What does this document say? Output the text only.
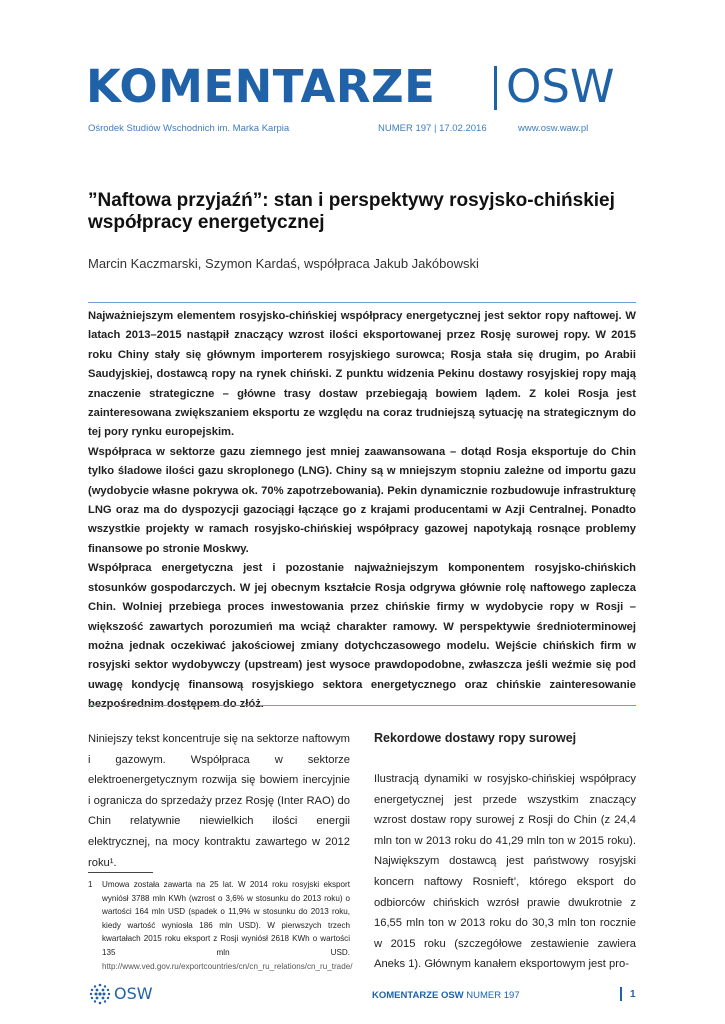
KOMENTARZE OSW
Ośrodek Studiów Wschodnich im. Marka Karpia	NUMER 197 | 17.02.2016	www.osw.waw.pl
”Naftowa przyjaźń”: stan i perspektywy rosyjsko-chińskiej współpracy energetycznej
Marcin Kaczmarski, Szymon Kardaś, współpraca Jakub Jakóbowski

Najważniejszym elementem rosyjsko-chińskiej współpracy energetycznej jest sektor ropy naftowej. W latach 2013–2015 nastąpił znaczący wzrost ilości eksportowanej przez Rosję surowej ropy. W 2015 roku Chiny stały się głównym importerem rosyjskiego surowca; Rosja stała się drugim, po Arabii Saudyjskiej, dostawcą ropy na rynek chiński. Z punktu widzenia Pekinu dostawy rosyjskiej ropy mają znaczenie strategiczne – główne trasy dostaw przebiegają bowiem lądem. Z kolei Rosja jest zainteresowana zwiększaniem eksportu ze względu na coraz trudniejszą sytuację na strategicznym do tej pory rynku europejskim.

Współpraca w sektorze gazu ziemnego jest mniej zaawansowana – dotąd Rosja eksportuje do Chin tylko śladowe ilości gazu skroplonego (LNG). Chiny są w mniejszym stopniu zależne od importu gazu (wydobycie własne pokrywa ok. 70% zapotrzebowania). Pekin dynamicznie rozbudowuje infrastrukturę LNG oraz ma do dyspozycji gazociągi łączące go z krajami producentami w Azji Centralnej. Ponadto wszystkie projekty w ramach rosyjsko-chińskiej współpracy gazowej napotykają rosnące problemy finansowe po stronie Moskwy.

Współpraca energetyczna jest i pozostanie najważniejszym komponentem rosyjsko-chińskich stosunków gospodarczych. W jej obecnym kształcie Rosja odgrywa głównie rolę naftowego zaplecza Chin. Wolniej przebiega proces inwestowania przez chińskie firmy w wydobycie ropy w Rosji – większość zawartych porozumień ma wciąż charakter ramowy. W perspektywie średnioterminowej można jednak oczekiwać jakościowej zmiany dotychczasowego modelu. Wejście chińskich firm w rosyjski sektor wydobywczy (upstream) jest wysoce prawdopodobne, zwłaszcza jeśli weźmie się pod uwagę kondycję finansową rosyjskiego sektora energetycznego oraz chińskie zainteresowanie

Niniejszy tekst koncentruje się na sektorze naftowym i gazowym. Współpraca w sektorze elektroenergetycznym rozwija się bowiem inercyjnie i ogranicza do sprzedaży przez Rosję (Inter RAO) do Chin relatywnie niewielkich ilości energii elektrycznej, na mocy kontraktu zawartego w 2012 roku¹.

Rekordowe dostawy ropy surowej

Ilustracją dynamiki w rosyjsko-chińskiej współpracy energetycznej jest przede wszystkim znaczący wzrost dostaw ropy surowej z Rosji do Chin (z 24,4 mln ton w 2013 roku do 41,29 mln ton w 2015 roku). Największym dostawcą jest państwowy rosyjski koncern naftowy Rosnieft’, którego eksport do odbiorców chińskich wzrósł prawie dwukrotnie z 16,55 mln ton w 2013 roku do 30,3 mln ton rocznie w 2015 roku (szczegółowe zestawienie zawiera Aneks 1). Głównym kanałem eksportowym jest pro-

1 Umowa została zawarta na 25 lat. W 2014 roku rosyjski eksport wyniósł 3788 mln KWh (wzrost o 3,6% w stosunku do 2013 roku) o wartości 164 mln USD (spadek o 11,9% w stosunku do 2013 roku, kiedy wartość wyniosła 186 mln USD). W pierwszych trzech kwartałach 2015 roku eksport z Rosji wyniósł 2618 KWh o wartości 135 mln USD. http://www.ved.gov.ru/exportcountries/cn/cn_ru_relations/cn_ru_trade/
OSW	KOMENTARZE OSW NUMER 197	1
